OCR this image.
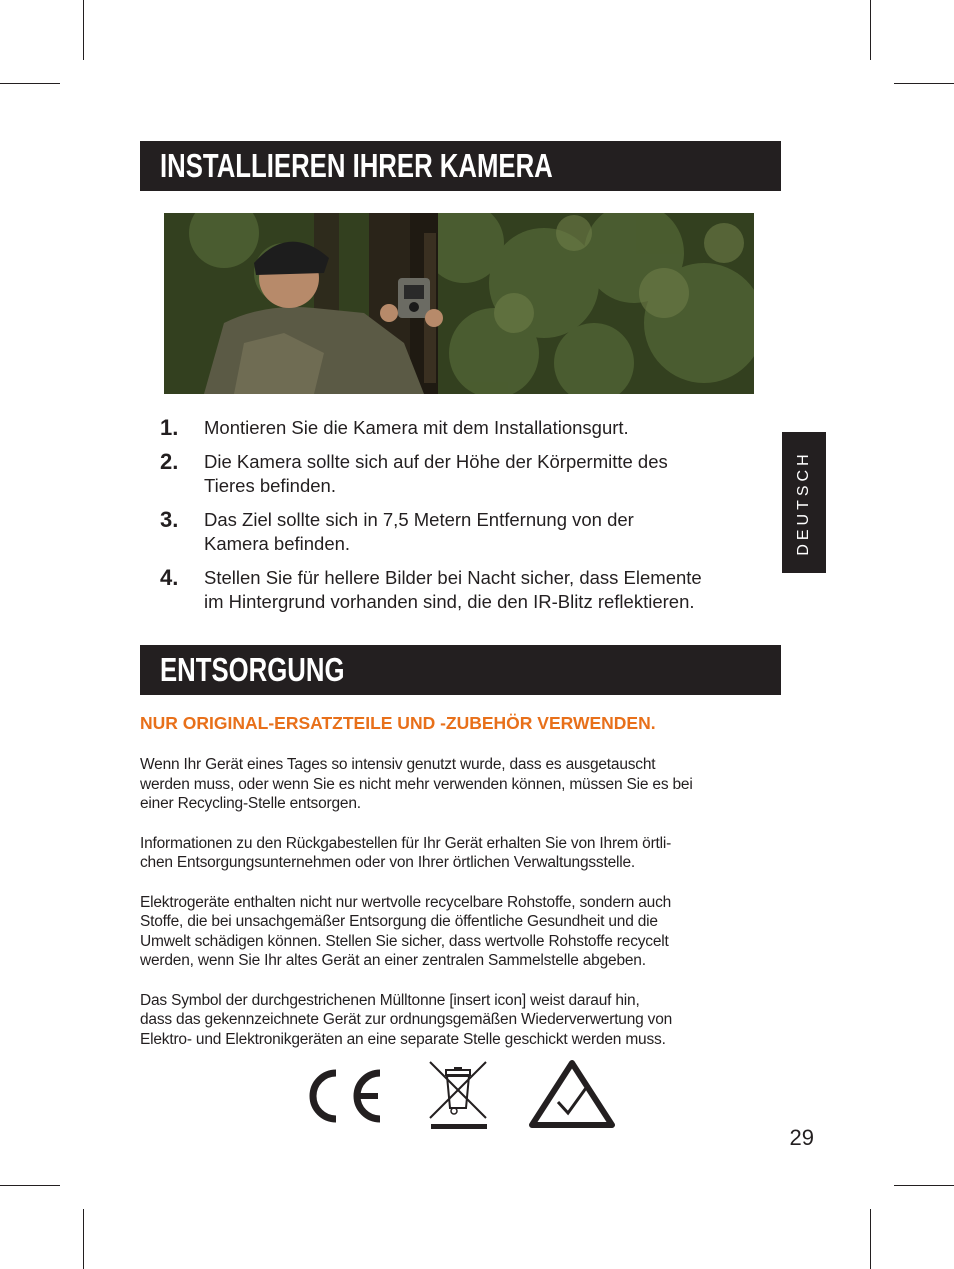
INSTALLIEREN IHRER KAMERA
1. Montieren Sie die Kamera mit dem Installationsgurt.
2. Die Kamera sollte sich auf der Höhe der Körpermitte des
Tieres befinden.
3. Das Ziel sollte sich in 7,5 Metern Entfernung von der
Kamera befinden.
4. Stellen Sie für hellere Bilder bei Nacht sicher, dass Elemente
im Hintergrund vorhanden sind, die den IR-Blitz reflektieren.
DEUTSCH
ENTSORGUNG
NUR ORIGINAL-ERSATZTEILE UND -ZUBEHÖR VERWENDEN.

Wenn Ihr Gerät eines Tages so intensiv genutzt wurde, dass es ausgetauscht
werden muss, oder wenn Sie es nicht mehr verwenden können, müssen Sie es bei
einer Recycling-Stelle entsorgen.

Informationen zu den Rückgabestellen für Ihr Gerät erhalten Sie von Ihrem örtli-
chen Entsorgungsunternehmen oder von Ihrer örtlichen Verwaltungsstelle.

Elektrogeräte enthalten nicht nur wertvolle recycelbare Rohstoffe, sondern auch
Stoffe, die bei unsachgemäßer Entsorgung die öffentliche Gesundheit und die
Umwelt schädigen können. Stellen Sie sicher, dass wertvolle Rohstoffe recycelt
werden, wenn Sie Ihr altes Gerät an einer zentralen Sammelstelle abgeben.

Das Symbol der durchgestrichenen Mülltonne [insert icon] weist darauf hin,
dass das gekennzeichnete Gerät zur ordnungsgemäßen Wiederverwertung von
Elektro- und Elektronikgeräten an eine separate Stelle geschickt werden muss.

29
